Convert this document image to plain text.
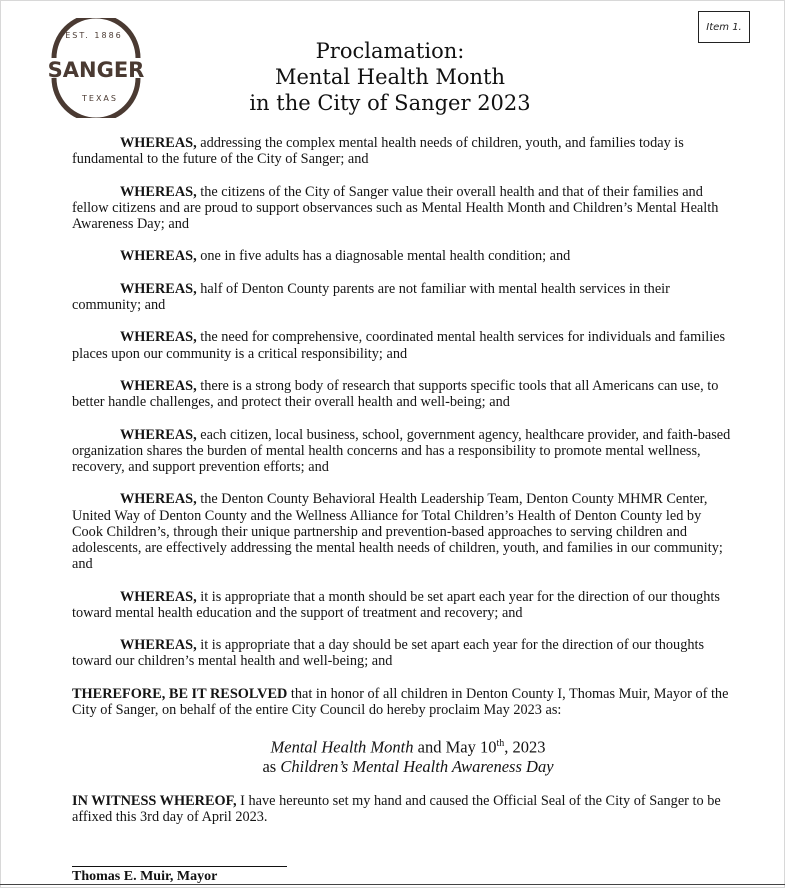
Item 1.
EST. 1886
SANGER
TEXAS
Proclamation:
Mental Health Month
in the City of Sanger 2023

WHEREAS, addressing the complex mental health needs of children, youth, and families today is fundamental to the future of the City of Sanger; and

WHEREAS, the citizens of the City of Sanger value their overall health and that of their families and fellow citizens and are proud to support observances such as Mental Health Month and Children’s Mental Health Awareness Day; and

WHEREAS, one in five adults has a diagnosable mental health condition; and

WHEREAS, half of Denton County parents are not familiar with mental health services in their community; and

WHEREAS, the need for comprehensive, coordinated mental health services for individuals and families places upon our community is a critical responsibility; and

WHEREAS, there is a strong body of research that supports specific tools that all Americans can use, to better handle challenges, and protect their overall health and well-being; and

WHEREAS, each citizen, local business, school, government agency, healthcare provider, and faith-based organization shares the burden of mental health concerns and has a responsibility to promote mental wellness, recovery, and support prevention efforts; and

WHEREAS, the Denton County Behavioral Health Leadership Team, Denton County MHMR Center, United Way of Denton County and the Wellness Alliance for Total Children’s Health of Denton County led by Cook Children’s, through their unique partnership and prevention-based approaches to serving children and adolescents, are effectively addressing the mental health needs of children, youth, and families in our community; and

WHEREAS, it is appropriate that a month should be set apart each year for the direction of our thoughts toward mental health education and the support of treatment and recovery; and

WHEREAS, it is appropriate that a day should be set apart each year for the direction of our thoughts toward our children’s mental health and well-being; and

THEREFORE, BE IT RESOLVED that in honor of all children in Denton County I, Thomas Muir, Mayor of the City of Sanger, on behalf of the entire City Council do hereby proclaim May 2023 as:

Mental Health Month and May 10th, 2023
as Children’s Mental Health Awareness Day

IN WITNESS WHEREOF, I have hereunto set my hand and caused the Official Seal of the City of Sanger to be affixed this 3rd day of April 2023.

Thomas E. Muir, Mayor
